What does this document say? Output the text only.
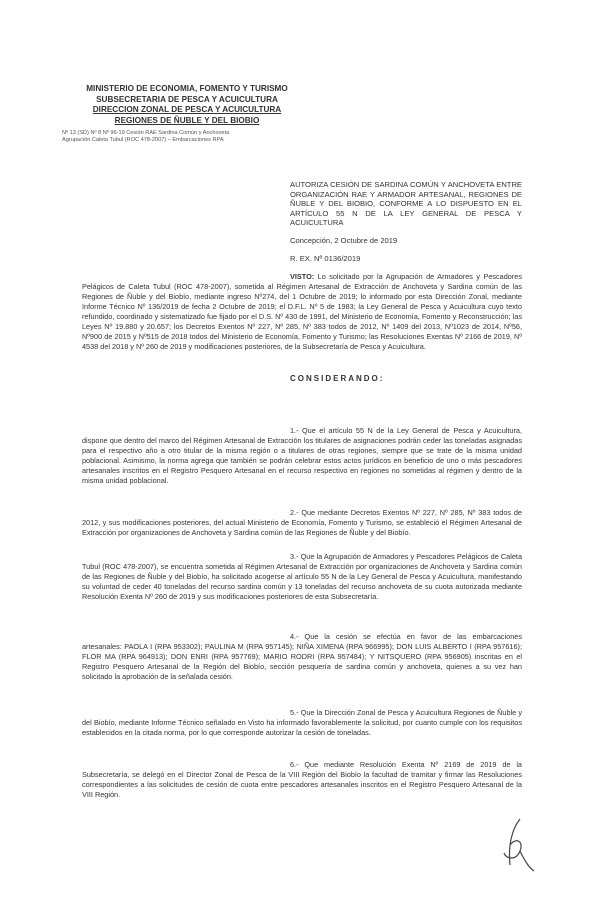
MINISTERIO DE ECONOMIA, FOMENTO Y TURISMO
SUBSECRETARIA DE PESCA Y ACUICULTURA
DIRECCION ZONAL DE PESCA Y ACUICULTURA
REGIONES DE ÑUBLE Y DEL BIOBIO
Nº 13 (SD) Nº 8 Nº 96-19 Cesión RAE Sardina Común y Anchoveta
Agrupación Caleta Tubul (ROC 478-2007) – Embarcaciones RPA
AUTORIZA CESIÓN DE SARDINA COMÚN Y ANCHOVETA ENTRE ORGANIZACIÓN RAE Y ARMADOR ARTESANAL, REGIONES DE ÑUBLE Y DEL BIOBIO, CONFORME A LO DISPUESTO EN EL ARTÍCULO 55 N DE LA LEY GENERAL DE PESCA Y ACUICULTURA
Concepción, 2 Octubre de 2019
R. EX. Nº 0136/2019
VISTO: Lo solicitado por la Agrupación de Armadores y Pescadores Pelágicos de Caleta Tubul (ROC 478-2007), sometida al Régimen Artesanal de Extracción de Anchoveta y Sardina común de las Regiones de Ñuble y del Biobío, mediante ingreso Nº274, del 1 Octubre de 2019; lo informado por esta Dirección Zonal, mediante Informe Técnico Nº 136/2019 de fecha 2 Octubre de 2019; el D.F.L. Nº 5 de 1983; la Ley General de Pesca y Acuicultura cuyo texto refundido, coordinado y sistematizado fue fijado por el D.S. Nº 430 de 1991, del Ministerio de Economía, Fomento y Reconstrucción; las Leyes Nº 19.880 y 20.657; los Decretos Exentos Nº 227, Nº 285, Nº 383 todos de 2012, Nº 1409 del 2013, Nº1023 de 2014, Nº56, Nº900 de 2015 y Nº515 de 2018 todos del Ministerio de Economía, Fomento y Turismo; las Resoluciones Exentas Nº 2166 de 2019, Nº 4538 del 2018 y Nº 260 de 2019 y modificaciones posteriores, de la Subsecretaría de Pesca y Acuicultura.
CONSIDERANDO:
1.- Que el artículo 55 N de la Ley General de Pesca y Acuicultura, dispone que dentro del marco del Régimen Artesanal de Extracción los titulares de asignaciones podrán ceder las toneladas asignadas para el respectivo año a otro titular de la misma región o a titulares de otras regiones, siempre que se trate de la misma unidad poblacional. Asimismo, la norma agrega que también se podrán celebrar estos actos jurídicos en beneficio de uno o más pescadores artesanales inscritos en el Registro Pesquero Artesanal en el recurso respectivo en regiones no sometidas al régimen y dentro de la misma unidad poblacional.
2.- Que mediante Decretos Exentos Nº 227, Nº 285, Nº 383 todos de 2012, y sus modificaciones posteriores, del actual Ministerio de Economía, Fomento y Turismo, se estableció el Régimen Artesanal de Extracción por organizaciones de Anchoveta y Sardina común de las Regiones de Ñuble y del Biobío.
3.- Que la Agrupación de Armadores y Pescadores Pelágicos de Caleta Tubul (ROC 478-2007), se encuentra sometida al Régimen Artesanal de Extracción por organizaciones de Anchoveta y Sardina común de las Regiones de Ñuble y del Biobío, ha solicitado acogerse al artículo 55 N de la Ley General de Pesca y Acuicultura, manifestando su voluntad de ceder 40 toneladas del recurso sardina común y 13 toneladas del recurso anchoveta de su cuota autorizada mediante Resolución Exenta Nº 260 de 2019 y sus modificaciones posteriores de esta Subsecretaría.
4.- Que la cesión se efectúa en favor de las embarcaciones artesanales: PAOLA I (RPA 953302); PAULINA M (RPA 957145); NIÑA XIMENA (RPA 966995); DON LUIS ALBERTO I (RPA 957616); FLOR MA (RPA 964913); DON ENRI (RPA 957769); MARIO RODRI (RPA 957484); Y NITSQUERO (RPA 956905) inscritas en el Registro Pesquero Artesanal de la Región del Biobío, sección pesquería de sardina común y anchoveta, quienes a su vez han solicitado la aprobación de la señalada cesión.
5.- Que la Dirección Zonal de Pesca y Acuicultura Regiones de Ñuble y del Biobío, mediante Informe Técnico señalado en Visto ha informado favorablemente la solicitud, por cuanto cumple con los requisitos establecidos en la citada norma, por lo que corresponde autorizar la cesión de toneladas.
6.- Que mediante Resolución Exenta Nº 2169 de 2019 de la Subsecretaría, se delegó en el Director Zonal de Pesca de la VIII Región del Biobío la facultad de tramitar y firmar las Resoluciones correspondientes a las solicitudes de cesión de cuota entre pescadores artesanales inscritos en el Registro Pesquero Artesanal de la VIII Región.
